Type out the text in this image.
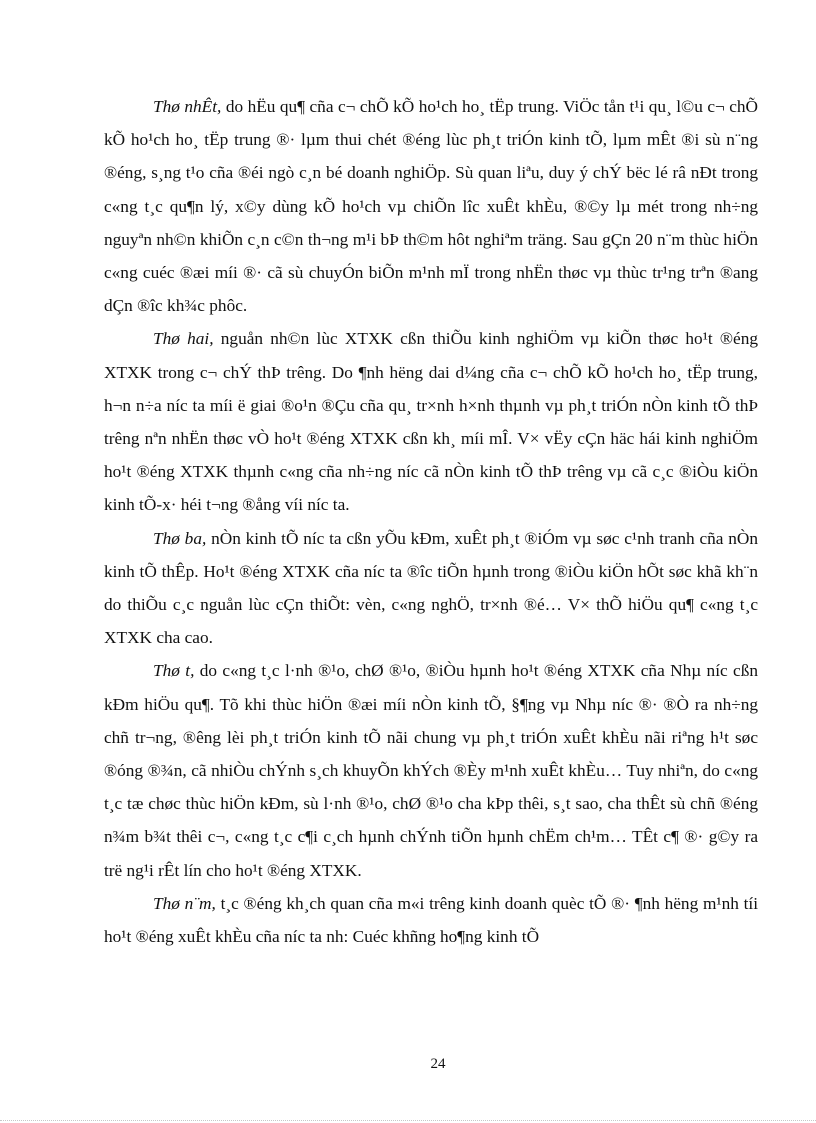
Thø nhÊt, do hËu qu¶ cña c¬ chÕ kÕ ho¹ch ho¸ tËp trung. ViÖc tån t¹i qu¸ l©u c¬ chÕ kÕ ho¹ch ho¸ tËp trung ®· lµm thui chét ®éng lùc ph¸t triÓn kinh tÕ, lµm mÊt ®i sù n¨ng ®éng, s¸ng t¹o cña ®éi ngò c¸n bé doanh nghiÖp. Sù quan liªu, duy ý chÝ bëc lé râ nÐt trong c«ng t¸c qu¶n lý, x©y dùng kÕ ho¹ch vµ chiÕn lîc xuÊt khÈu, ®©y lµ mét trong nh÷ng nguyªn nh©n khiÕn c¸n c©n th¬ng m¹i bÞ th©m hôt nghiªm träng. Sau gÇn 20 n¨m thùc hiÖn c«ng cuéc ®æi míi ®· cã sù chuyÓn biÕn m¹nh mÏ trong nhËn thøc vµ thùc tr¹ng trªn ®ang dÇn ®îc kh¾c phôc.

Thø hai, nguån nh©n lùc XTXK cßn thiÕu kinh nghiÖm vµ kiÕn thøc ho¹t ®éng XTXK trong c¬ chÝ thÞ trêng. Do ¶nh hëng dai d¼ng cña c¬ chÕ kÕ ho¹ch ho¸ tËp trung, h¬n n÷a níc ta míi ë giai ®o¹n ®Çu cña qu¸ tr×nh h×nh thµnh vµ ph¸t triÓn nÒn kinh tÕ thÞ trêng nªn nhËn thøc vÒ ho¹t ®éng XTXK cßn kh¸ míi mÎ. V× vËy cÇn häc hái kinh nghiÖm ho¹t ®éng XTXK thµnh c«ng cña nh÷ng níc cã nÒn kinh tÕ thÞ trêng vµ cã c¸c ®iÒu kiÖn kinh tÕ-x· héi t¬ng ®ång víi níc ta.

Thø ba, nÒn kinh tÕ níc ta cßn yÕu kÐm, xuÊt ph¸t ®iÓm vµ søc c¹nh tranh cña nÒn kinh tÕ thÊp. Ho¹t ®éng XTXK cña níc ta ®îc tiÕn hµnh trong ®iÒu kiÖn hÕt søc khã kh¨n do thiÕu c¸c nguån lùc cÇn thiÕt: vèn, c«ng nghÖ, tr×nh ®é… V× thÕ hiÖu qu¶ c«ng t¸c XTXK cha cao.

Thø t, do c«ng t¸c l·nh ®¹o, chØ ®¹o, ®iÒu hµnh ho¹t ®éng XTXK cña Nhµ níc cßn kÐm hiÖu qu¶. Tõ khi thùc hiÖn ®æi míi nÒn kinh tÕ, §¶ng vµ Nhµ níc ®· ®Ò ra nh÷ng chñ tr¬ng, ®êng lèi ph¸t triÓn kinh tÕ nãi chung vµ ph¸t triÓn xuÊt khÈu nãi riªng h¹t søc ®óng ®¾n, cã nhiÒu chÝnh s¸ch khuyÕn khÝch ®Èy m¹nh xuÊt khÈu… Tuy nhiªn, do c«ng t¸c tæ chøc thùc hiÖn kÐm, sù l·nh ®¹o, chØ ®¹o cha kÞp thêi, s¸t sao, cha thÊt sù chñ ®éng n¾m b¾t thêi c¬, c«ng t¸c c¶i c¸ch hµnh chÝnh tiÕn hµnh chËm ch¹m… TÊt c¶ ®· g©y ra trë ng¹i rÊt lín cho ho¹t ®éng XTXK.

Thø n¨m, t¸c ®éng kh¸ch quan cña m«i trêng kinh doanh quèc tÕ ®· ¶nh hëng m¹nh tíi ho¹t ®éng xuÊt khÈu cña níc ta nh: Cuéc khñng ho¶ng kinh tÕ

24
